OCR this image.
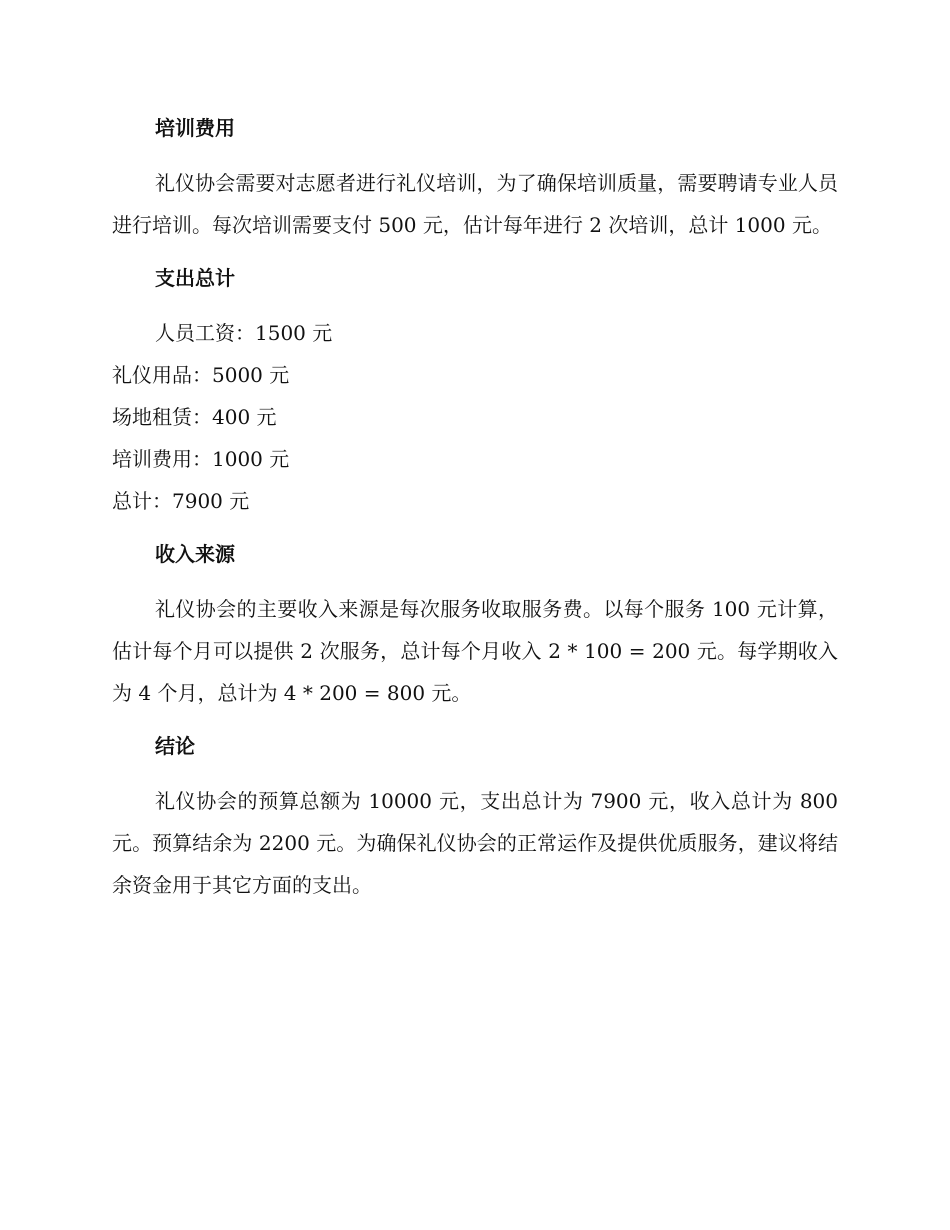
培训费用

礼仪协会需要对志愿者进行礼仪培训，为了确保培训质量，需要聘请专业人员进行培训。每次培训需要支付 500 元，估计每年进行 2 次培训，总计 1000 元。

支出总计

人员工资：1500 元

礼仪用品：5000 元

场地租赁：400 元

培训费用：1000 元

总计：7900 元

收入来源

礼仪协会的主要收入来源是每次服务收取服务费。以每个服务 100 元计算，估计每个月可以提供 2 次服务，总计每个月收入 2 * 100 = 200 元。每学期收入为 4 个月，总计为 4 * 200 = 800 元。

结论

礼仪协会的预算总额为 10000 元，支出总计为 7900 元，收入总计为 800 元。预算结余为 2200 元。为确保礼仪协会的正常运作及提供优质服务，建议将结余资金用于其它方面的支出。
